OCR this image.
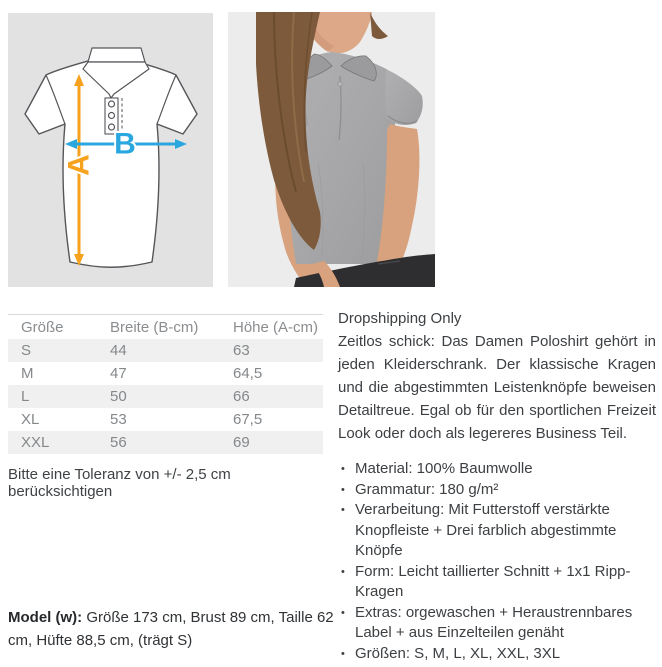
A
B
Größe	Breite (B-cm)	Höhe (A-cm)
S	44	63
M	47	64,5
L	50	66
XL	53	67,5
XXL	56	69
Bitte eine Toleranz von +/- 2,5 cm berücksichtigen

Dropshipping Only

Zeitlos schick: Das Damen Poloshirt gehört in jeden Kleiderschrank. Der klassische Kragen und die abgestimmten Leistenknöpfe beweisen Detailtreue. Egal ob für den sportlichen Freizeit Look oder doch als legereres Business Teil.

• Material: 100% Baumwolle
• Grammatur: 180 g/m²
• Verarbeitung: Mit Futterstoff verstärkte Knopfleiste + Drei farblich abgestimmte Knöpfe
• Form: Leicht taillierter Schnitt + 1x1 Ripp-Kragen
• Extras: orgewaschen + Heraustrennbares Label + aus Einzelteilen genäht
• Größen: S, M, L, XL, XXL, 3XL
Model (w): Größe 173 cm, Brust 89 cm, Taille 62 cm, Hüfte 88,5 cm, (trägt S)
